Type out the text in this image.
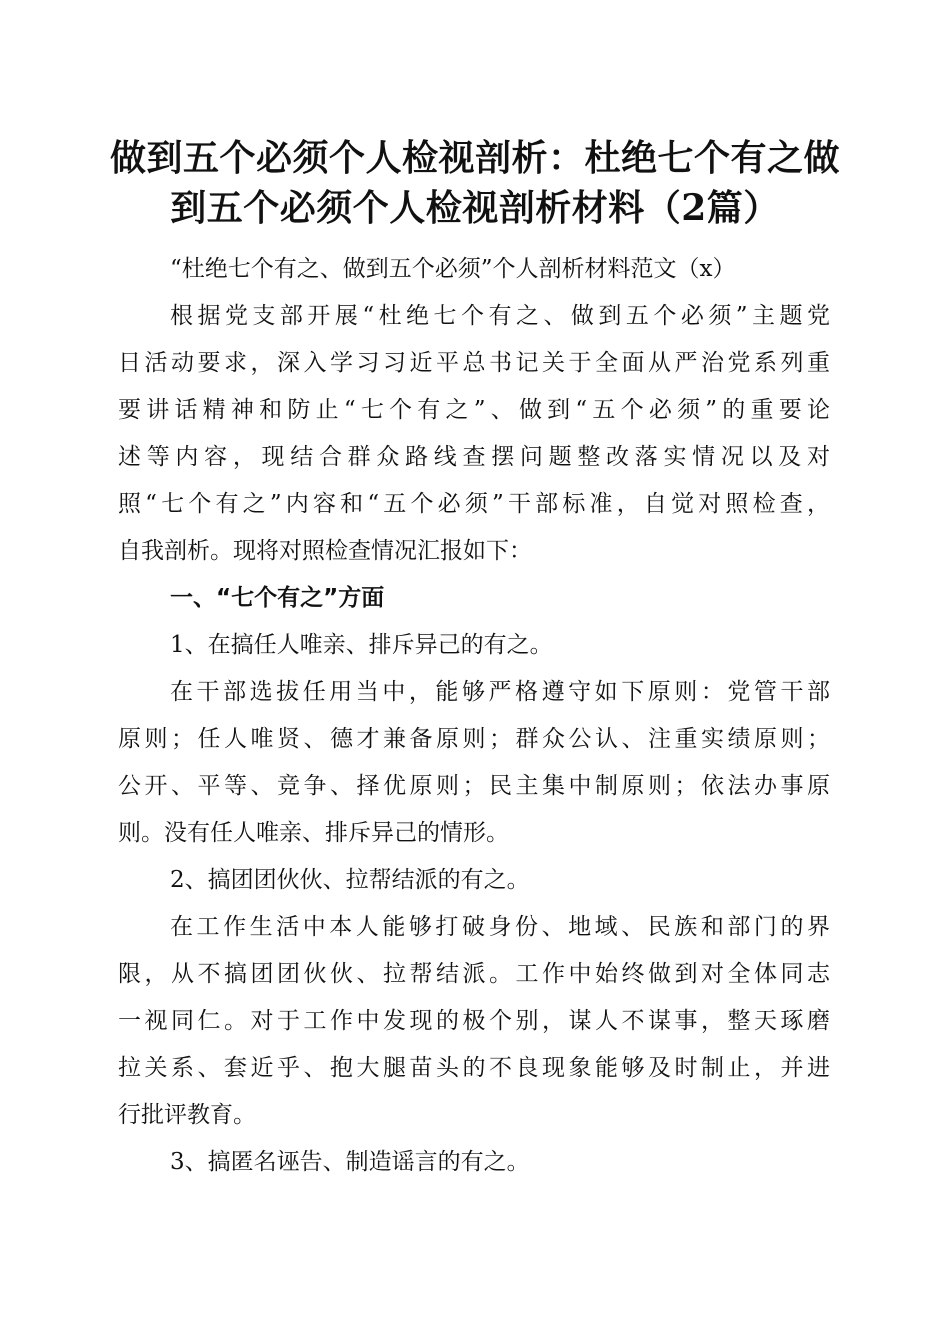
做到五个必须个人检视剖析：杜绝七个有之做
到五个必须个人检视剖析材料（2篇）

“杜绝七个有之、做到五个必须”个人剖析材料范文（x）

根据党支部开展“杜绝七个有之、做到五个必须”主题党
日活动要求，深入学习习近平总书记关于全面从严治党系列重
要讲话精神和防止“七个有之”、做到“五个必须”的重要论
述等内容，现结合群众路线查摆问题整改落实情况以及对
照“七个有之”内容和“五个必须”干部标准，自觉对照检查，
自我剖析。现将对照检查情况汇报如下：

一、“七个有之”方面

1、在搞任人唯亲、排斥异己的有之。

在干部选拔任用当中，能够严格遵守如下原则：党管干部
原则；任人唯贤、德才兼备原则；群众公认、注重实绩原则；
公开、平等、竞争、择优原则；民主集中制原则；依法办事原
则。没有任人唯亲、排斥异己的情形。

2、搞团团伙伙、拉帮结派的有之。

在工作生活中本人能够打破身份、地域、民族和部门的界
限，从不搞团团伙伙、拉帮结派。工作中始终做到对全体同志
一视同仁。对于工作中发现的极个别，谋人不谋事，整天琢磨
拉关系、套近乎、抱大腿苗头的不良现象能够及时制止，并进
行批评教育。

3、搞匿名诬告、制造谣言的有之。
